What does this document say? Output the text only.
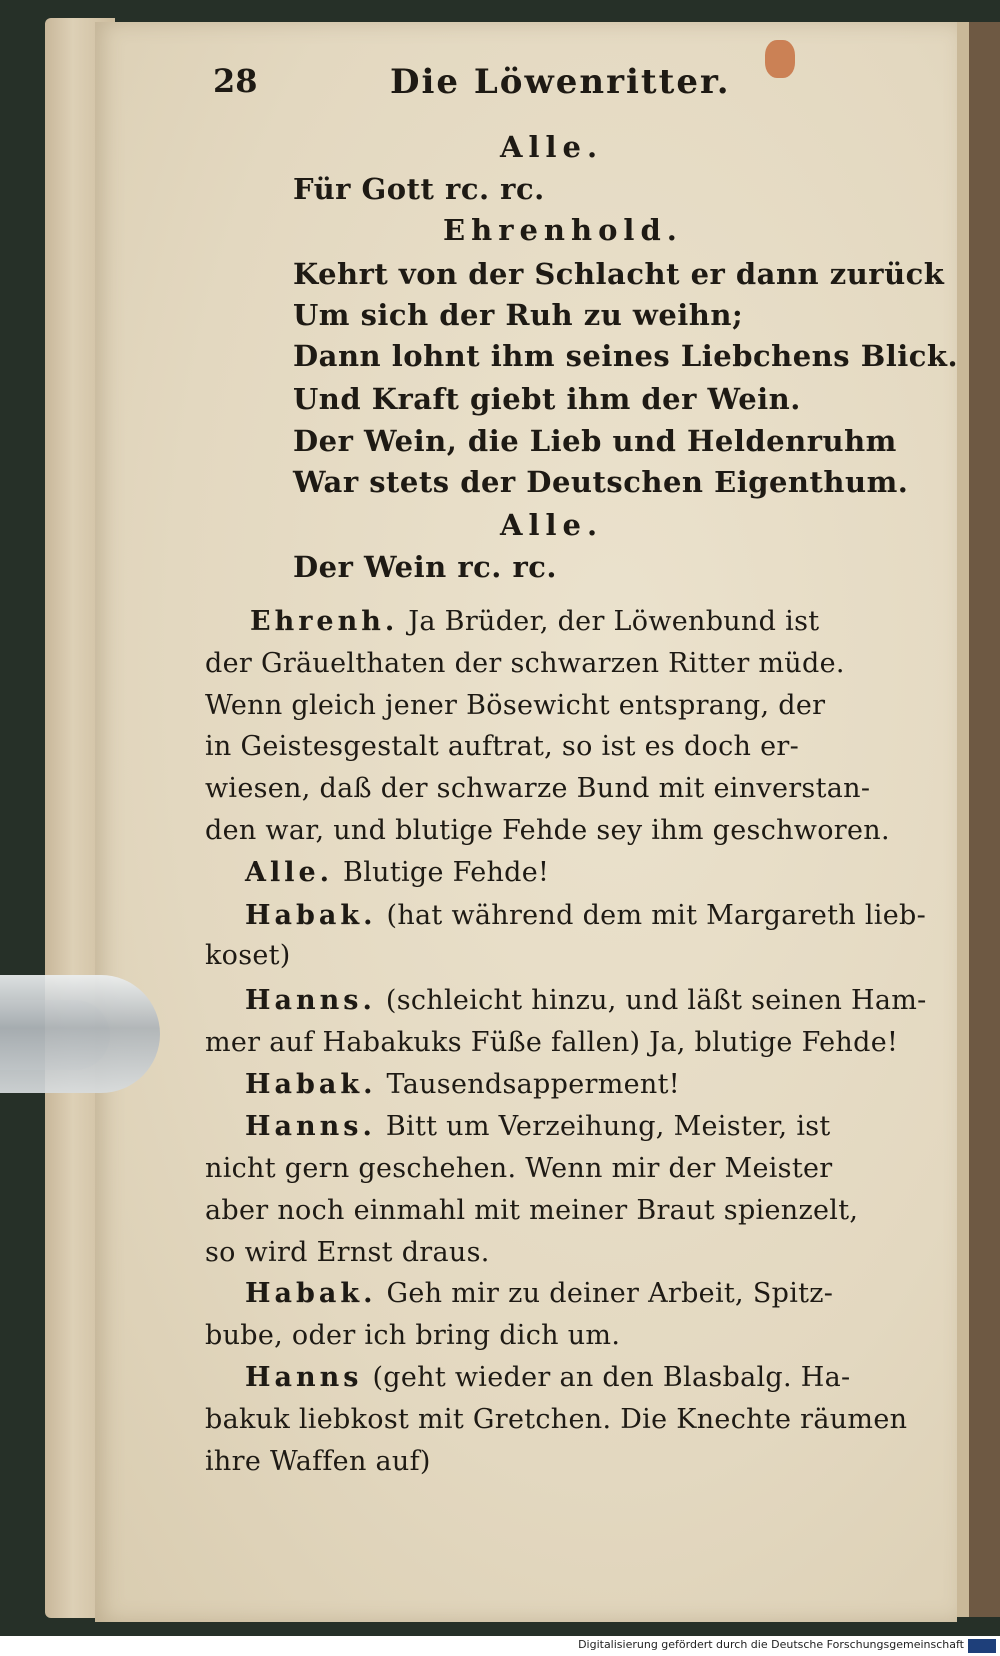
28	Die Löwenritter.
Alle.
Für Gott rc. rc.
Ehrenhold.
Kehrt von der Schlacht er dann zurück
Um sich der Ruh zu weihn;
Dann lohnt ihm seines Liebchens Blick.
Und Kraft giebt ihm der Wein.
Der Wein, die Lieb und Heldenruhm
War stets der Deutschen Eigenthum.
Alle.
Der Wein rc. rc.
Ehrenh. Ja Brüder, der Löwenbund ist
der Gräuelthaten der schwarzen Ritter müde.
Wenn gleich jener Bösewicht entsprang, der
in Geistesgestalt auftrat, so ist es doch er-
wiesen, daß der schwarze Bund mit einverstan-
den war, und blutige Fehde sey ihm geschworen.
Alle. Blutige Fehde!
Habak. (hat während dem mit Margareth lieb-
koset)
Hanns. (schleicht hinzu, und läßt seinen Ham-
mer auf Habakuks Füße fallen) Ja, blutige Fehde!
Habak. Tausendsapperment!
Hanns. Bitt um Verzeihung, Meister, ist
nicht gern geschehen. Wenn mir der Meister
aber noch einmahl mit meiner Braut spienzelt,
so wird Ernst draus.
Habak. Geh mir zu deiner Arbeit, Spitz-
bube, oder ich bring dich um.
Hanns (geht wieder an den Blasbalg. Ha-
bakuk liebkost mit Gretchen. Die Knechte räumen
ihre Waffen auf)
Digitalisierung gefördert durch die Deutsche Forschungsgemeinschaft
